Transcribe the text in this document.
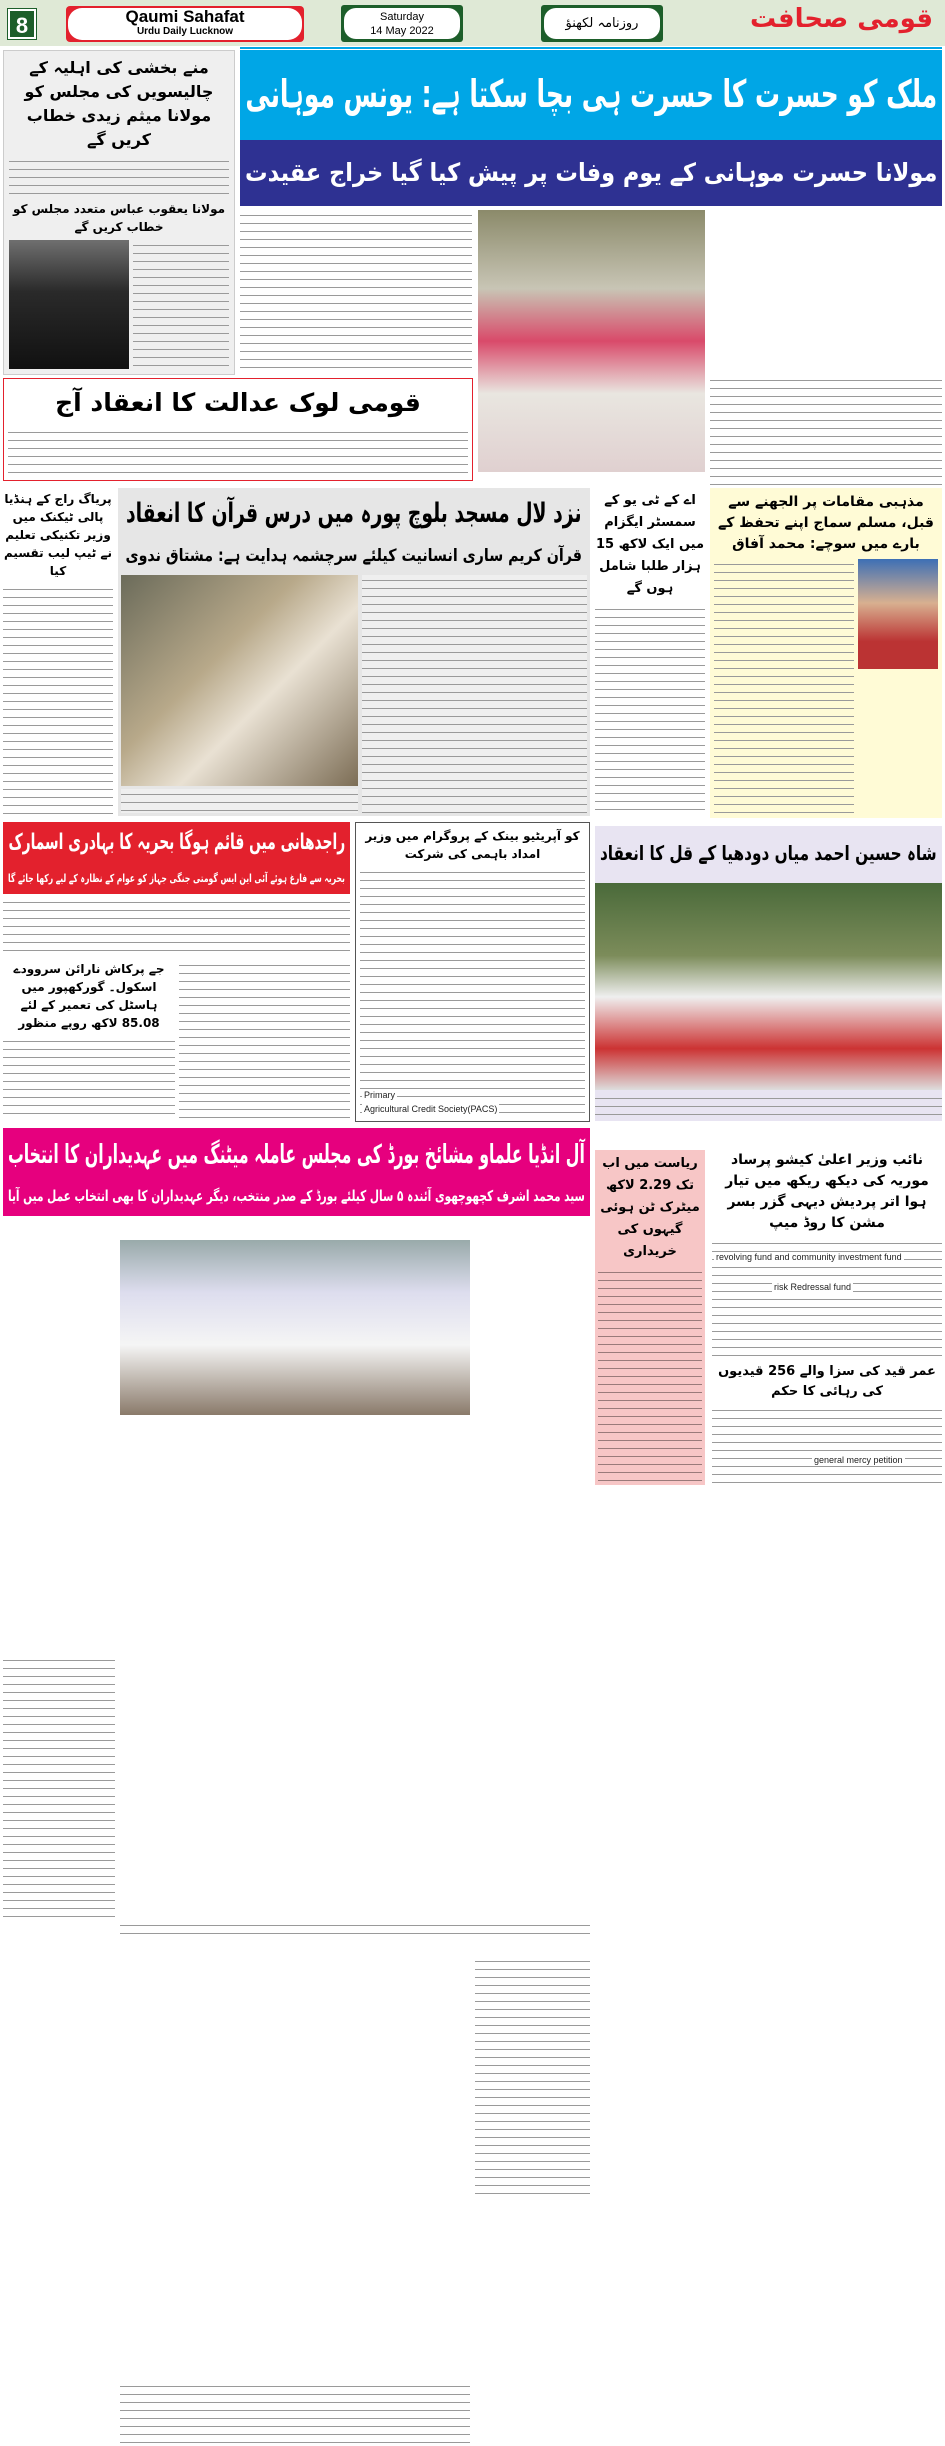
8	Qaumi Sahafat
Urdu Daily Lucknow
Saturday
14 May 2022	روزنامہ لکھنؤ	قومی صحافت
منے بخشی کی اہلیہ کے چالیسویں کی مجلس کو مولانا میثم زیدی خطاب کریں گے
مولانا یعقوب عباس متعدد مجلس کو خطاب کریں گے
ملک کو حسرت کا حسرت ہی بچا سکتا ہے: یونس موہانی
مولانا حسرت موہانی کے یوم وفات پر پیش کیا گیا خراج عقیدت
قومی لوک عدالت کا انعقاد آج
پریاگ راج کے ہنڈیا پالی ٹیکنک میں وزیر تکنیکی تعلیم نے ٹیپ لیب تقسیم کیا
نزد لال مسجد بلوچ پورہ میں درس قرآن کا انعقاد
قرآن کریم ساری انسانیت کیلئے سرچشمہ ہدایت ہے: مشتاق ندوی
اے کے ٹی یو کے سمسٹر ایگزام میں ایک لاکھ 15 ہزار طلبا شامل ہوں گے
مذہبی مقامات پر الجھنے سے قبل، مسلم سماج اپنے تحفظ کے بارے میں سوچے: محمد آفاق
راجدھانی میں قائم ہوگا بحریہ کا بہادری اسمارک
بحریہ سے فارغ ہوئے آئی این ایس گومتی جنگی جہاز کو عوام کے نظارہ کے لیے رکھا جائے گا
جے پرکاش نارائن سروودے اسکول۔ گورکھپور میں ہاسٹل کی تعمیر کے لئے 85.08 لاکھ روپے منظور
کو آپریٹیو بینک کے پروگرام میں وزیر امداد باہمی کی شرکت
Primary
Agricultural Credit Society(PACS)
شاہ حسین احمد میاں دودھیا کے قل کا انعقاد
آل انڈیا علماو مشائخ بورڈ کی مجلس عاملہ میٹنگ میں عہدیداران کا انتخاب
سید محمد اشرف کچھوچھوی آئندہ ۵ سال کیلئے بورڈ کے صدر منتخب، دیگر عہدیداران کا بھی انتخاب عمل میں آیا
ریاست میں اب تک 2.29 لاکھ میٹرک ٹن ہوئی گیہوں کی خریداری
نائب وزیر اعلیٰ کیشو پرساد موریہ کی دیکھ ریکھ میں تیار ہوا اتر پردیش دیہی گزر بسر مشن کا روڈ میپ
revolving fund and community investment fund
risk Redressal fund
عمر قید کی سزا والے 256 قیدیوں کی رہائی کا حکم
general mercy petition
